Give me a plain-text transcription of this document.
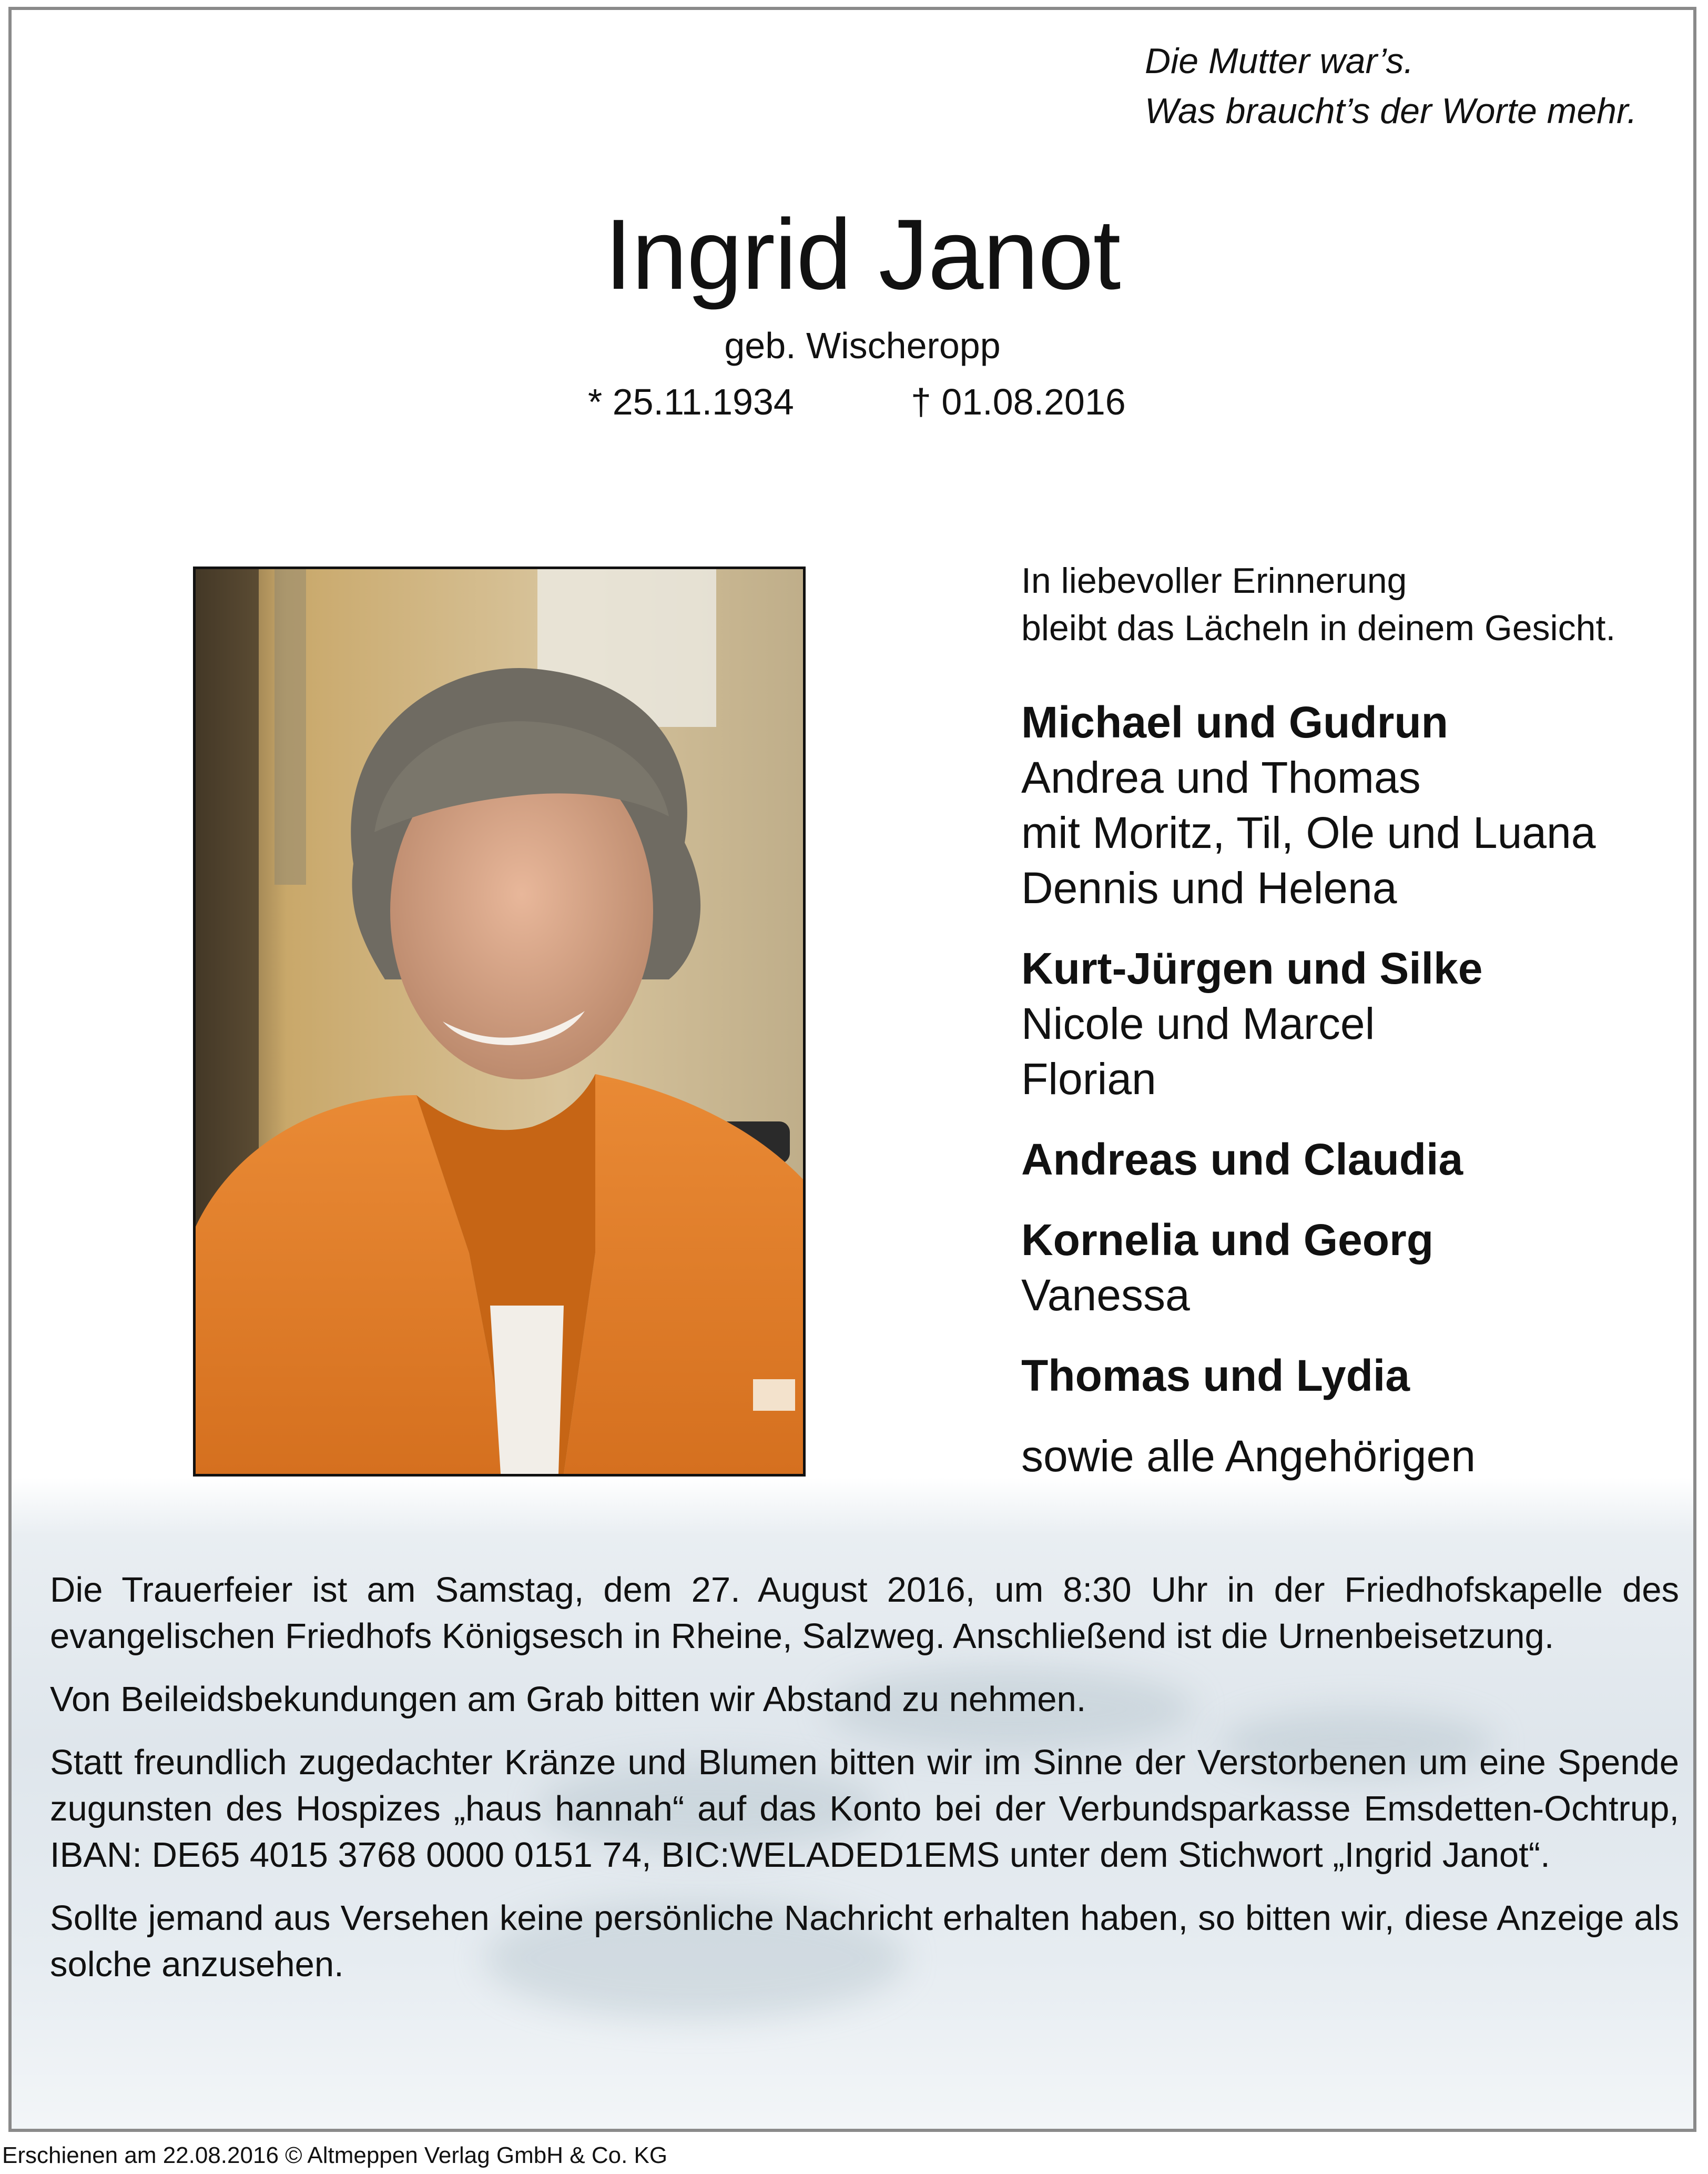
Die Mutter war’s.
Was braucht’s der Worte mehr.
Ingrid Janot
geb. Wischeropp
* 25.11.1934	† 01.08.2016
In liebevoller Erinnerung
bleibt das Lächeln in deinem Gesicht.
Michael und Gudrun
Andrea und Thomas
mit Moritz, Til, Ole und Luana
Dennis und Helena
Kurt-Jürgen und Silke
Nicole und Marcel
Florian
Andreas und Claudia
Kornelia und Georg
Vanessa
Thomas und Lydia
sowie alle Angehörigen

Die Trauerfeier ist am Samstag, dem 27. August 2016, um 8:30 Uhr in der Friedhofskapelle des evangelischen Friedhofs Königsesch in Rheine, Salzweg. Anschließend ist die Urnenbeisetzung.

Von Beileidsbekundungen am Grab bitten wir Abstand zu nehmen.

Statt freundlich zugedachter Kränze und Blumen bitten wir im Sinne der Verstorbenen um eine Spende zugunsten des Hospizes „haus hannah“ auf das Konto bei der Verbundsparkasse Emsdetten-Ochtrup, IBAN: DE65 4015 3768 0000 0151 74, BIC:WELADED1EMS unter dem Stichwort „Ingrid Janot“.

Sollte jemand aus Versehen keine persönliche Nachricht erhalten haben, so bitten wir, diese Anzeige als solche anzusehen.

Erschienen am 22.08.2016 © Altmeppen Verlag GmbH & Co. KG
